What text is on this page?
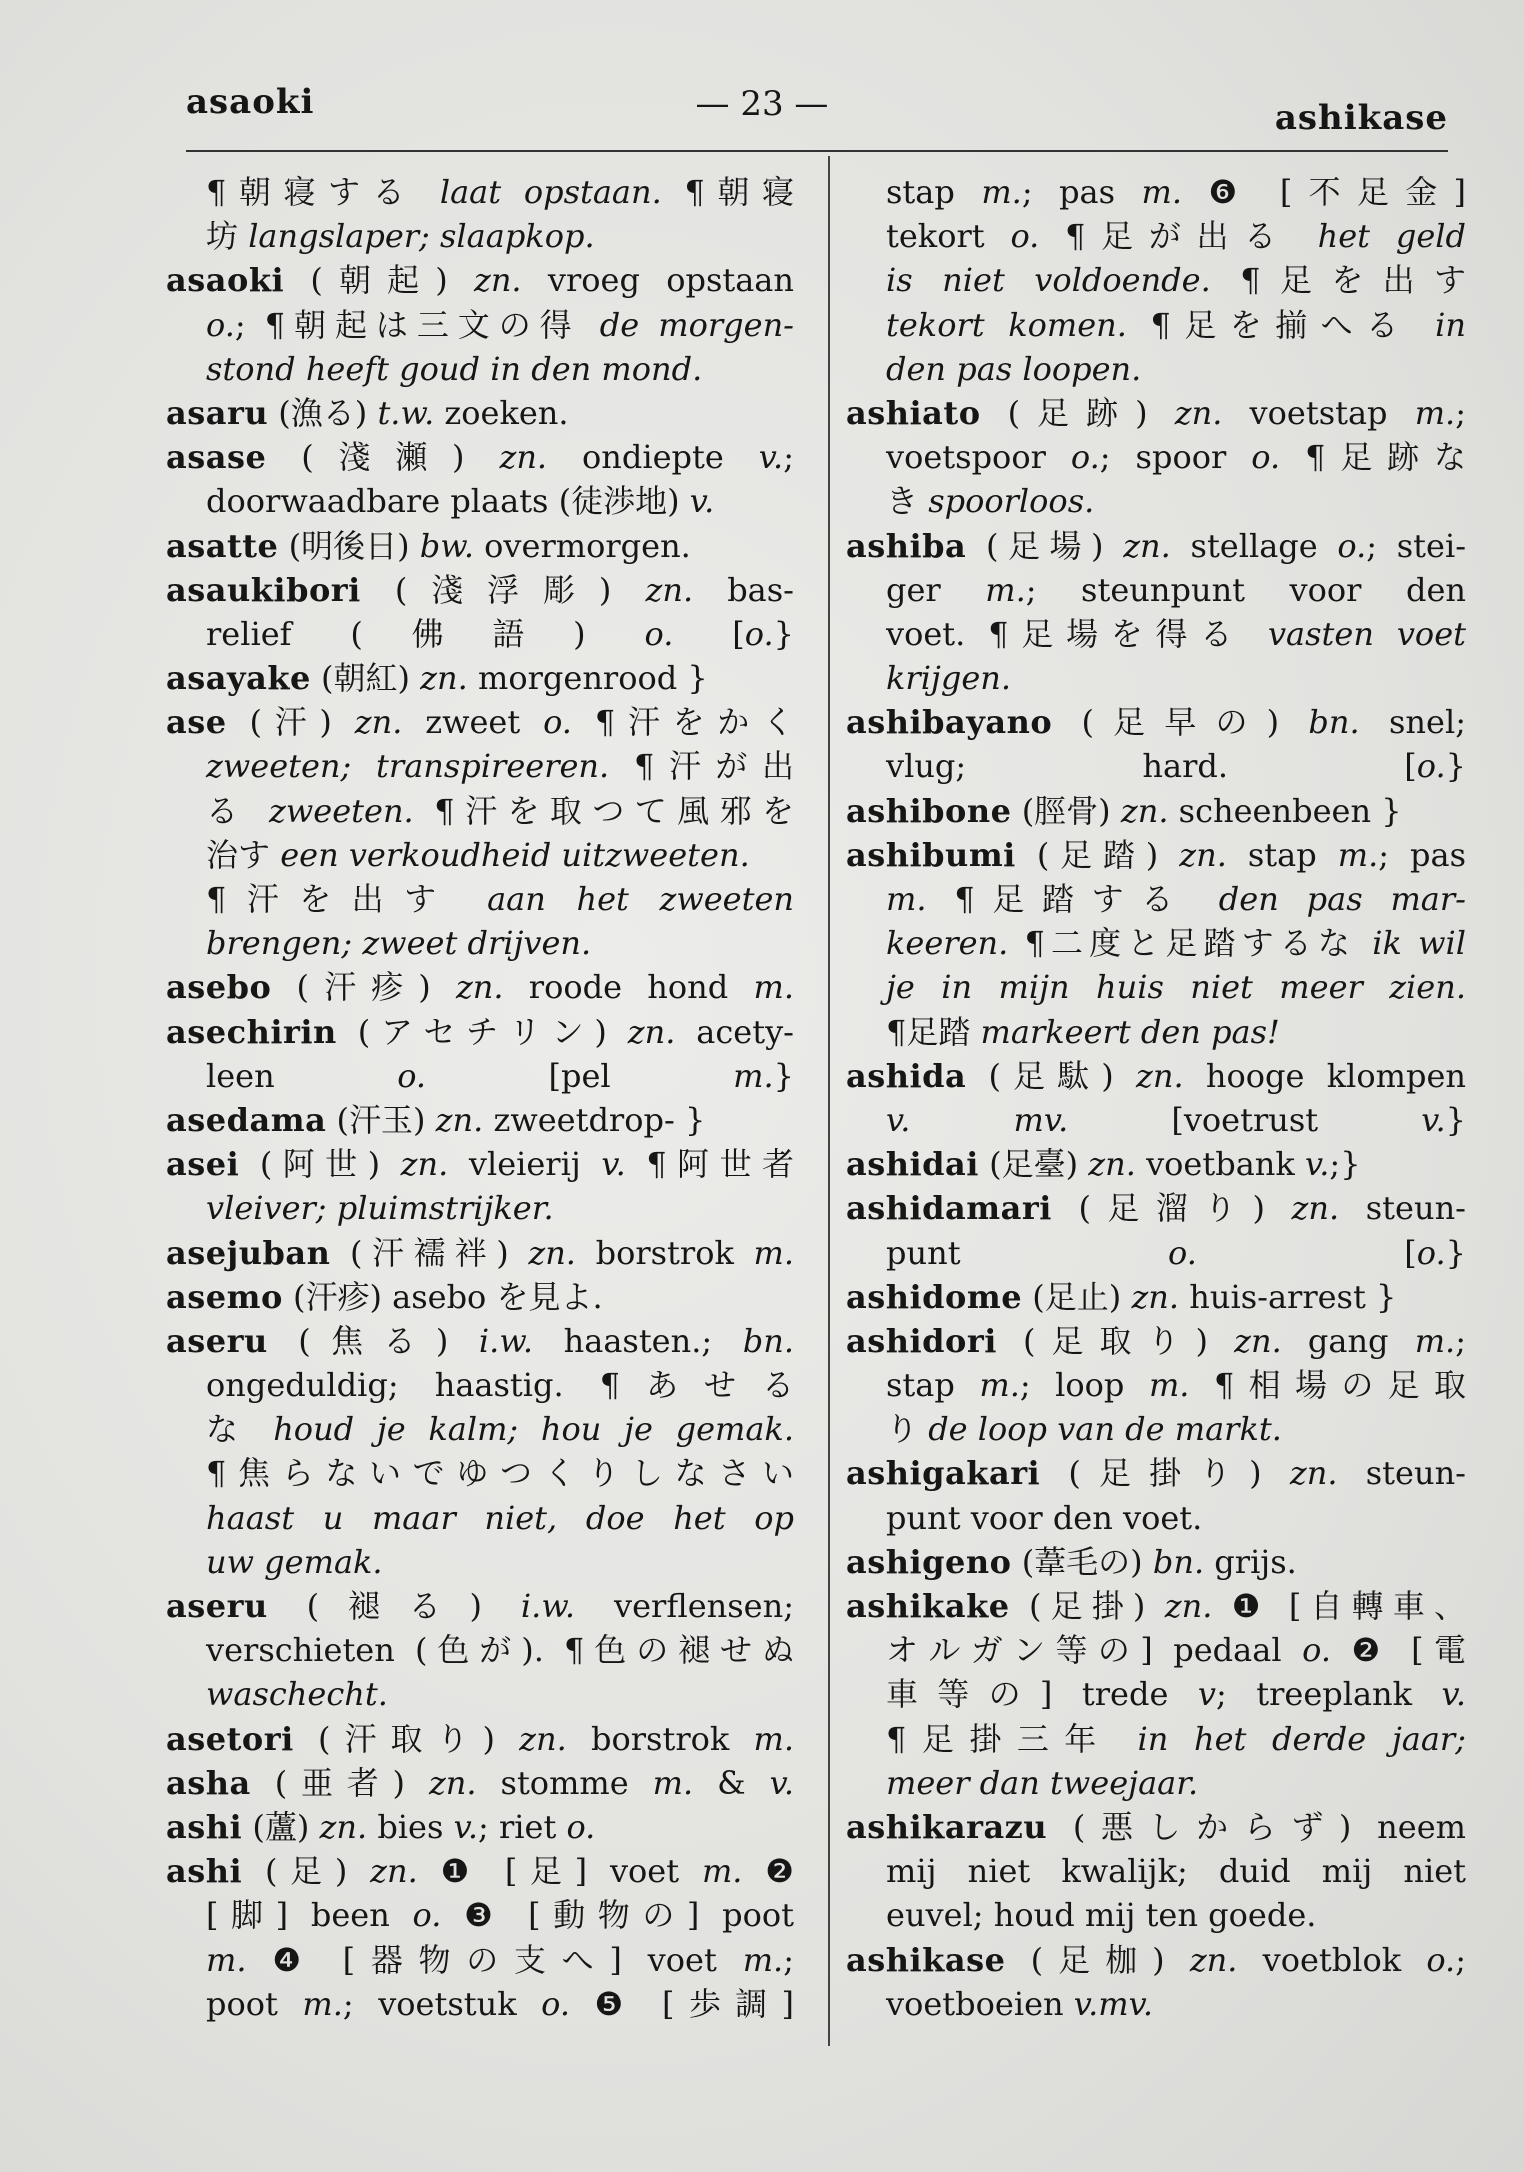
asaoki	— 23 —	ashikase
¶朝寝する laat opstaan. ¶朝寝
坊 langslaper; slaapkop.
asaoki (朝起) zn. vroeg opstaan
o.; ¶朝起は三文の得 de morgen-
stond heeft goud in den mond.
asaru (漁る) t.w. zoeken.
asase (淺瀬) zn. ondiepte v.;
doorwaadbare plaats (徒渉地) v.
asatte (明後日) bw. overmorgen.
asaukibori (淺浮彫) zn. bas-
relief (佛語) o. [o.}
asayake (朝紅) zn. morgenrood }
ase (汗) zn. zweet o. ¶汗をかく
zweeten; transpireeren. ¶汗が出
る zweeten. ¶汗を取つて風邪を
治す een verkoudheid uitzweeten.
¶汗を出す aan het zweeten
brengen; zweet drijven.
asebo (汗疹) zn. roode hond m.
asechirin (アセチリン) zn. acety-
leen o. [pel m.}
asedama (汗玉) zn. zweetdrop- }
asei (阿世) zn. vleierij v. ¶阿世者
vleiver; pluimstrijker.
asejuban (汗襦袢) zn. borstrok m.
asemo (汗疹) asebo を見よ.
aseru (焦る) i.w. haasten.; bn.
ongeduldig; haastig. ¶あせる
な houd je kalm; hou je gemak.
¶焦らないでゆつくりしなさい
haast u maar niet, doe het op
uw gemak.
aseru (褪る) i.w. verflensen;
verschieten (色が). ¶色の褪せぬ
waschecht.
asetori (汗取り) zn. borstrok m.
asha (亜者) zn. stomme m. & v.
ashi (蘆) zn. bies v.; riet o.
ashi (足) zn. ❶ [足] voet m. ❷
[脚] been o. ❸ [動物の] poot
m. ❹ [器物の支へ] voet m.;
poot m.; voetstuk o. ❺ [歩調]
stap m.; pas m. ❻ [不足金]
tekort o. ¶足が出る het geld
is niet voldoende. ¶足を出す
tekort komen. ¶足を揃へる in
den pas loopen.
ashiato (足跡) zn. voetstap m.;
voetspoor o.; spoor o. ¶足跡な
き spoorloos.
ashiba (足場) zn. stellage o.; stei-
ger m.; steunpunt voor den
voet. ¶足場を得る vasten voet
krijgen.
ashibayano (足早の) bn. snel;
vlug; hard. [o.}
ashibone (脛骨) zn. scheenbeen }
ashibumi (足踏) zn. stap m.; pas
m. ¶足踏する den pas mar-
keeren. ¶二度と足踏するな ik wil
je in mijn huis niet meer zien.
¶足踏 markeert den pas!
ashida (足駄) zn. hooge klompen
v. mv. [voetrust v.}
ashidai (足臺) zn. voetbank v.;}
ashidamari (足溜り) zn. steun-
punt o. [o.}
ashidome (足止) zn. huis-arrest }
ashidori (足取り) zn. gang m.;
stap m.; loop m. ¶相場の足取
り de loop van de markt.
ashigakari (足掛り) zn. steun-
punt voor den voet.
ashigeno (葦毛の) bn. grijs.
ashikake (足掛) zn. ❶ [自轉車、
オルガン等の] pedaal o. ❷ [電
車等の] trede v; treeplank v.
¶足掛三年 in het derde jaar;
meer dan tweejaar.
ashikarazu (悪しからず) neem
mij niet kwalijk; duid mij niet
euvel; houd mij ten goede.
ashikase (足枷) zn. voetblok o.;
voetboeien v.mv.
